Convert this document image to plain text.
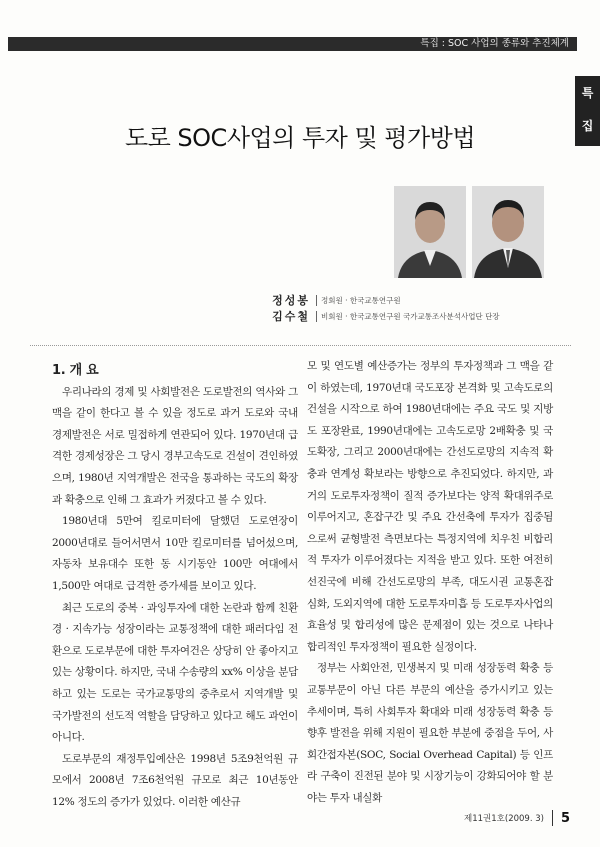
특집 : SOC 사업의 종류와 추진체계
특
집
도로 SOC사업의 투자 및 평가방법
정성봉	정회원 · 한국교통연구원
김수철	비회원 · 한국교통연구원 국가교통조사분석사업단 단장

1. 개 요

우리나라의 경제 및 사회발전은 도로발전의 역사와 그 맥을 같이 한다고 볼 수 있을 정도로 과거 도로와 국내 경제발전은 서로 밀접하게 연관되어 있다. 1970년대 급격한 경제성장은 그 당시 경부고속도로 건설이 견인하였으며, 1980년 지역개발은 전국을 통과하는 국도의 확장과 확충으로 인해 그 효과가 커졌다고 볼 수 있다.

1980년대 5만여 킬로미터에 달했던 도로연장이 2000년대로 들어서면서 10만 킬로미터를 넘어섰으며, 자동차 보유대수 또한 동 시기동안 100만 여대에서 1,500만 여대로 급격한 증가세를 보이고 있다.

최근 도로의 중복 · 과잉투자에 대한 논란과 함께 친환경 · 지속가능 성장이라는 교통정책에 대한 패러다임 전환으로 도로부문에 대한 투자여건은 상당히 안 좋아지고 있는 상황이다. 하지만, 국내 수송량의 xx% 이상을 분담하고 있는 도로는 국가교통망의 중추로서 지역개발 및 국가발전의 선도적 역할을 담당하고 있다고 해도 과언이 아니다.

도로부문의 재정투입예산은 1998년 5조9천억원 규모에서 2008년 7조6천억원 규모로 최근 10년동안 12% 정도의 증가가 있었다. 이러한 예산규

모 및 연도별 예산증가는 정부의 투자정책과 그 맥을 같이 하였는데, 1970년대 국도포장 본격화 및 고속도로의 건설을 시작으로 하여 1980년대에는 주요 국도 및 지방도 포장완료, 1990년대에는 고속도로망 2배확충 및 국도확장, 그리고 2000년대에는 간선도로망의 지속적 확충과 연계성 확보라는 방향으로 추진되었다. 하지만, 과거의 도로투자정책이 질적 증가보다는 양적 확대위주로 이루어지고, 혼잡구간 및 주요 간선축에 투자가 집중됨으로써 균형발전 측면보다는 특정지역에 치우친 비합리적 투자가 이루어졌다는 지적을 받고 있다. 또한 여전히 선진국에 비해 간선도로망의 부족, 대도시권 교통혼잡 심화, 도외지역에 대한 도로투자미흡 등 도로투자사업의 효율성 및 합리성에 많은 문제점이 있는 것으로 나타나 합리적인 투자정책이 필요한 실정이다.

정부는 사회안전, 민생복지 및 미래 성장동력 확충 등 교통부문이 아닌 다른 부문의 예산을 증가시키고 있는 추세이며, 특히 사회투자 확대와 미래 성장동력 확충 등 향후 발전을 위해 지원이 필요한 부분에 중점을 두어, 사회간접자본(SOC, Social Overhead Capital) 등 인프라 구축이 진전된 분야 및 시장기능이 강화되어야 할 분야는 투자 내실화

제11권1호(2009. 3) 5
